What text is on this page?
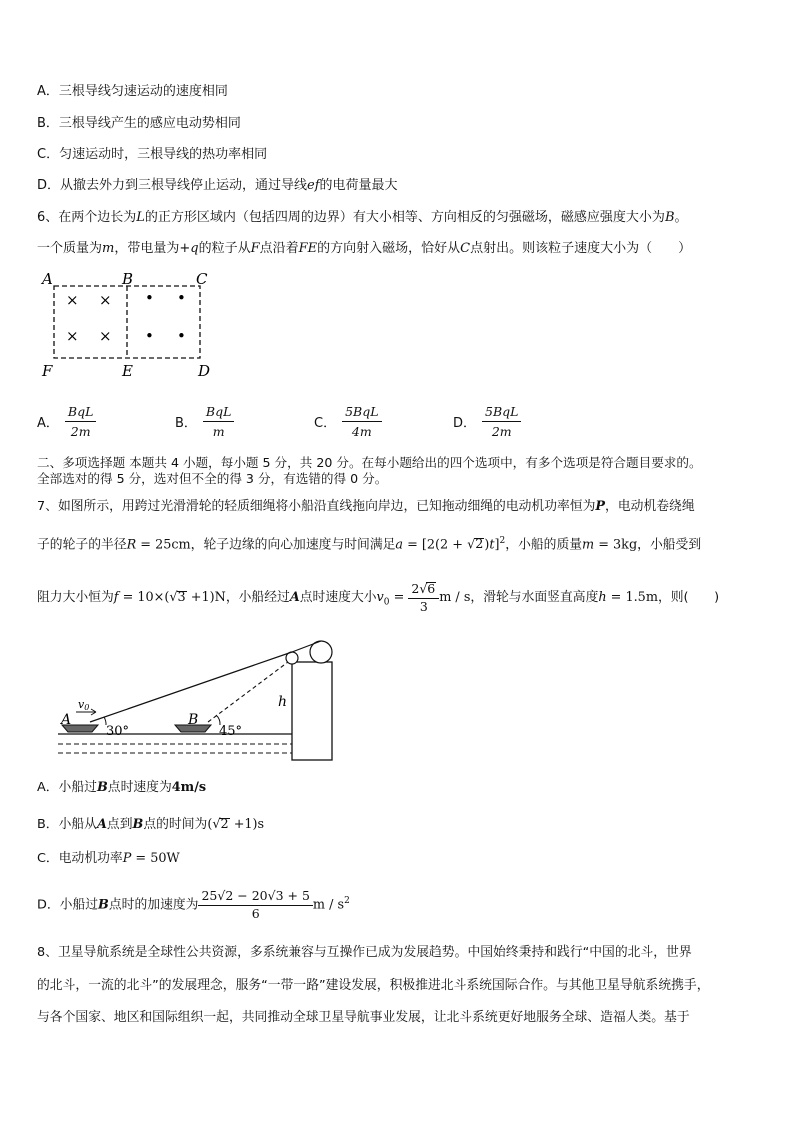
A．三根导线匀速运动的速度相同
B．三根导线产生的感应电动势相同
C．匀速运动时，三根导线的热功率相同
D．从撤去外力到三根导线停止运动，通过导线ef的电荷量最大
6、在两个边长为L的正方形区域内（包括四周的边界）有大小相等、方向相反的匀强磁场，磁感应强度大小为B。
一个质量为m，带电量为+q的粒子从F点沿着FE的方向射入磁场，恰好从C点射出。则该粒子速度大小为（　　）
A	B	C
F	E	D
× ×
× ×
• •
• •
A． $\frac{\text{BqL}}{2m}$	B． $\frac{\text{BqL}}{m}$	C． $\frac{\text{5BqL}}{4m}$	D． $\frac{\text{5BqL}}{2m}$
二、多项选择题 本题共 4 小题，每小题 5 分，共 20 分。在每小题给出的四个选项中，有多个选项是符合题目要求的。
全部选对的得 5 分，选对但不全的得 3 分，有选错的得 0 分。
7、如图所示，用跨过光滑滑轮的轻质细绳将小船沿直线拖向岸边，已知拖动细绳的电动机功率恒为P，电动机卷绕绳
子的轮子的半径R = 25cm，轮子边缘的向心加速度与时间满足$a = [2(2 + √2)t]^2$，小船的质量m = 3kg，小船受到
阻力大小恒为f = 10×(√3 +1)N，小船经过A点时速度大小$v_0 = \frac{2√6}{3}$ m / s，滑轮与水面竖直高度h = 1.5m，则(　　)
A
v0
30°
B
45°
h
A．小船过B点时速度为4m/s
B．小船从A点到B点的时间为(√2 +1)s
C．电动机功率P = 50W
D．小船过B点时的加速度为 $\frac{25√2 - 20√3 + 5}{6}$ m / $s^2$
8、卫星导航系统是全球性公共资源，多系统兼容与互操作已成为发展趋势。中国始终秉持和践行“中国的北斗，世界
的北斗，一流的北斗”的发展理念，服务“一带一路”建设发展，积极推进北斗系统国际合作。与其他卫星导航系统携手，
与各个国家、地区和国际组织一起，共同推动全球卫星导航事业发展，让北斗系统更好地服务全球、造福人类。基于
